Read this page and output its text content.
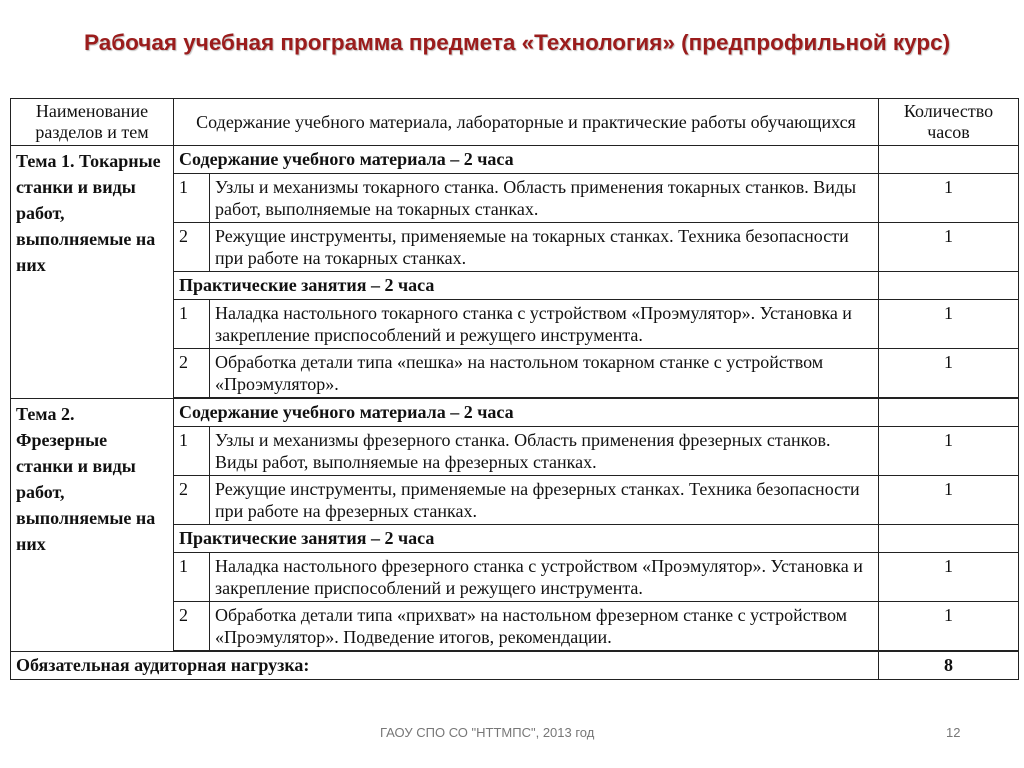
Рабочая учебная программа предмета «Технология» (предпрофильной курс)
Наименование разделов и тем	Содержание учебного материала, лабораторные и практические работы обучающихся		Количество часов
Тема 1. Токарные станки и виды работ, выполняемые на них	Содержание учебного материала – 2 часа		
	1	Узлы и механизмы токарного станка. Область применения токарных станков. Виды работ, выполняемые на токарных станках.	1
	2	Режущие инструменты, применяемые на токарных станках. Техника безопасности при работе на токарных станках.	1
	Практические занятия – 2 часа		
	1	Наладка настольного токарного станка с устройством «Проэмулятор». Установка и закрепление приспособлений и режущего инструмента.	1
	2	Обработка детали типа «пешка» на настольном токарном станке с устройством «Проэмулятор».	1

Тема 2. Фрезерные станки и виды работ, выполняемые на них	Содержание учебного материала – 2 часа		
	1	Узлы и механизмы фрезерного станка. Область применения фрезерных станков. Виды работ, выполняемые на фрезерных станках.	1
	2	Режущие инструменты, применяемые на фрезерных станках. Техника безопасности при работе на фрезерных станках.	1
	Практические занятия – 2 часа		
	1	Наладка настольного фрезерного станка с устройством «Проэмулятор». Установка и закрепление приспособлений и режущего инструмента.	1
	2	Обработка детали типа «прихват» на настольном фрезерном станке с устройством «Проэмулятор». Подведение итогов, рекомендации.	1

Обязательная аудиторная нагрузка:			8
ГАОУ СПО СО "НТТМПС", 2013 год	12
